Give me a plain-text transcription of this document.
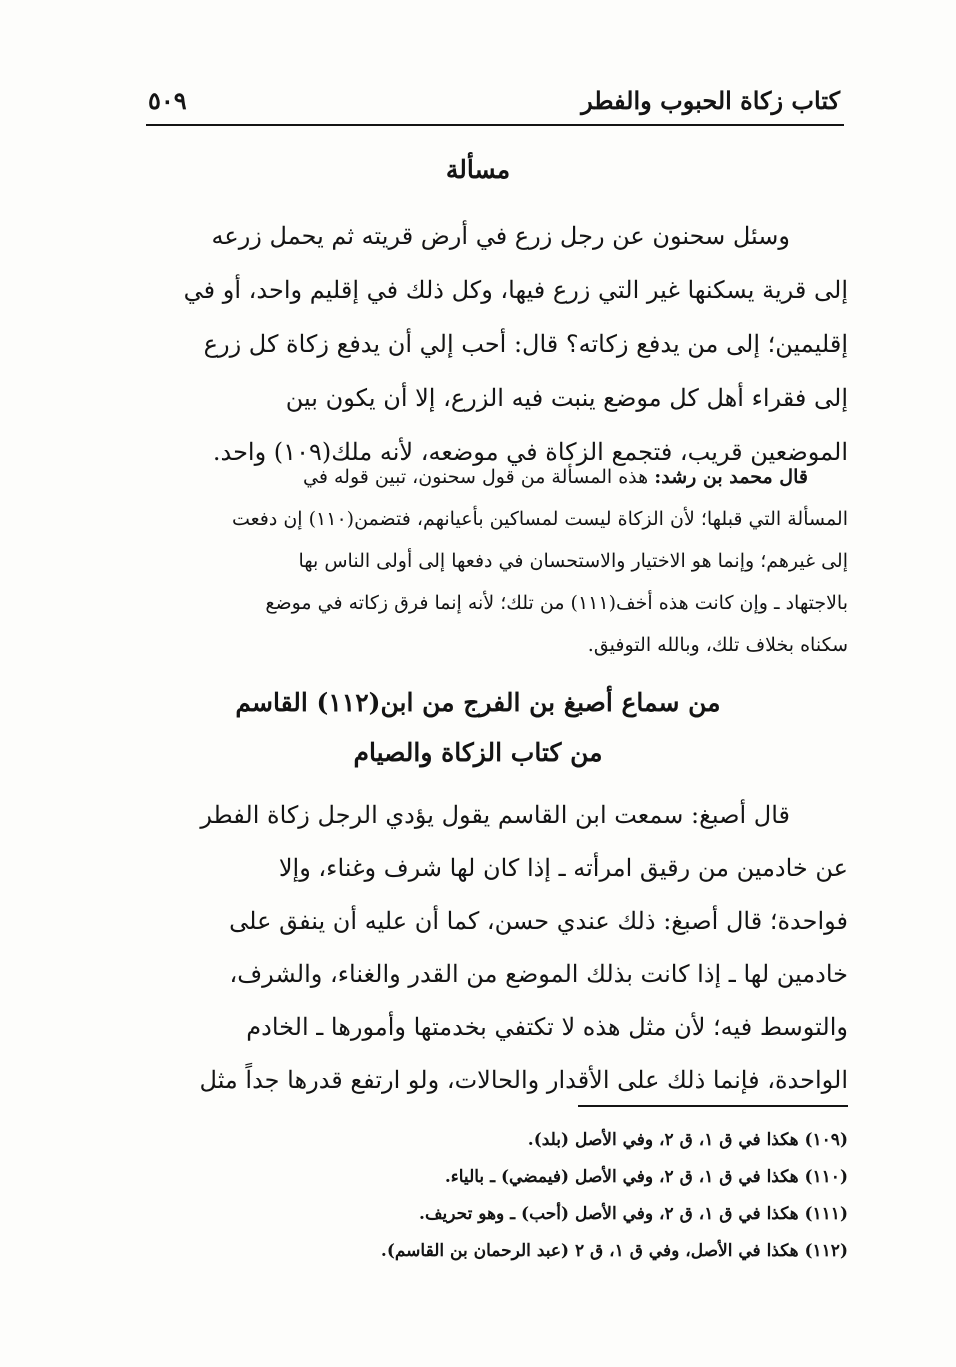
كتاب زكاة الحبوب والفطر
٥٠٩
مسألة
وسئل سحنون عن رجل زرع في أرض قريته ثم يحمل زرعه
إلى قرية يسكنها غير التي زرع فيها، وكل ذلك في إقليم واحد، أو في
إقليمين؛ إلى من يدفع زكاته؟ قال: أحب إلي أن يدفع زكاة كل زرع
إلى فقراء أهل كل موضع ينبت فيه الزرع، إلا أن يكون بين
الموضعين قريب، فتجمع الزكاة في موضعه، لأنه ملك(١٠٩) واحد.
قال محمد بن رشد: هذه المسألة من قول سحنون، تبين قوله في
المسألة التي قبلها؛ لأن الزكاة ليست لمساكين بأعيانهم، فتضمن(١١٠) إن دفعت
إلى غيرهم؛ وإنما هو الاختيار والاستحسان في دفعها إلى أولى الناس بها
بالاجتهاد ـ وإن كانت هذه أخف(١١١) من تلك؛ لأنه إنما فرق زكاته في موضع
سكناه بخلاف تلك، وبالله التوفيق.
من سماع أصبغ بن الفرج من ابن(١١٢) القاسم
من كتاب الزكاة والصيام
قال أصبغ: سمعت ابن القاسم يقول يؤدي الرجل زكاة الفطر
عن خادمين من رقيق امرأته ـ إذا كان لها شرف وغناء، وإلا
فواحدة؛ قال أصبغ: ذلك عندي حسن، كما أن عليه أن ينفق على
خادمين لها ـ إذا كانت بذلك الموضع من القدر والغناء، والشرف،
والتوسط فيه؛ لأن مثل هذه لا تكتفي بخدمتها وأمورها ـ الخادم
الواحدة، فإنما ذلك على الأقدار والحالات، ولو ارتفع قدرها جداً مثل
(١٠٩) هكذا في ق ١، ق ٢، وفي الأصل (بلد).
(١١٠) هكذا في ق ١، ق ٢، وفي الأصل (فيمضي) ـ بالياء.
(١١١) هكذا في ق ١، ق ٢، وفي الأصل (أحب) ـ وهو تحريف.
(١١٢) هكذا في الأصل، وفي ق ١، ق ٢ (عبد الرحمان بن القاسم).
